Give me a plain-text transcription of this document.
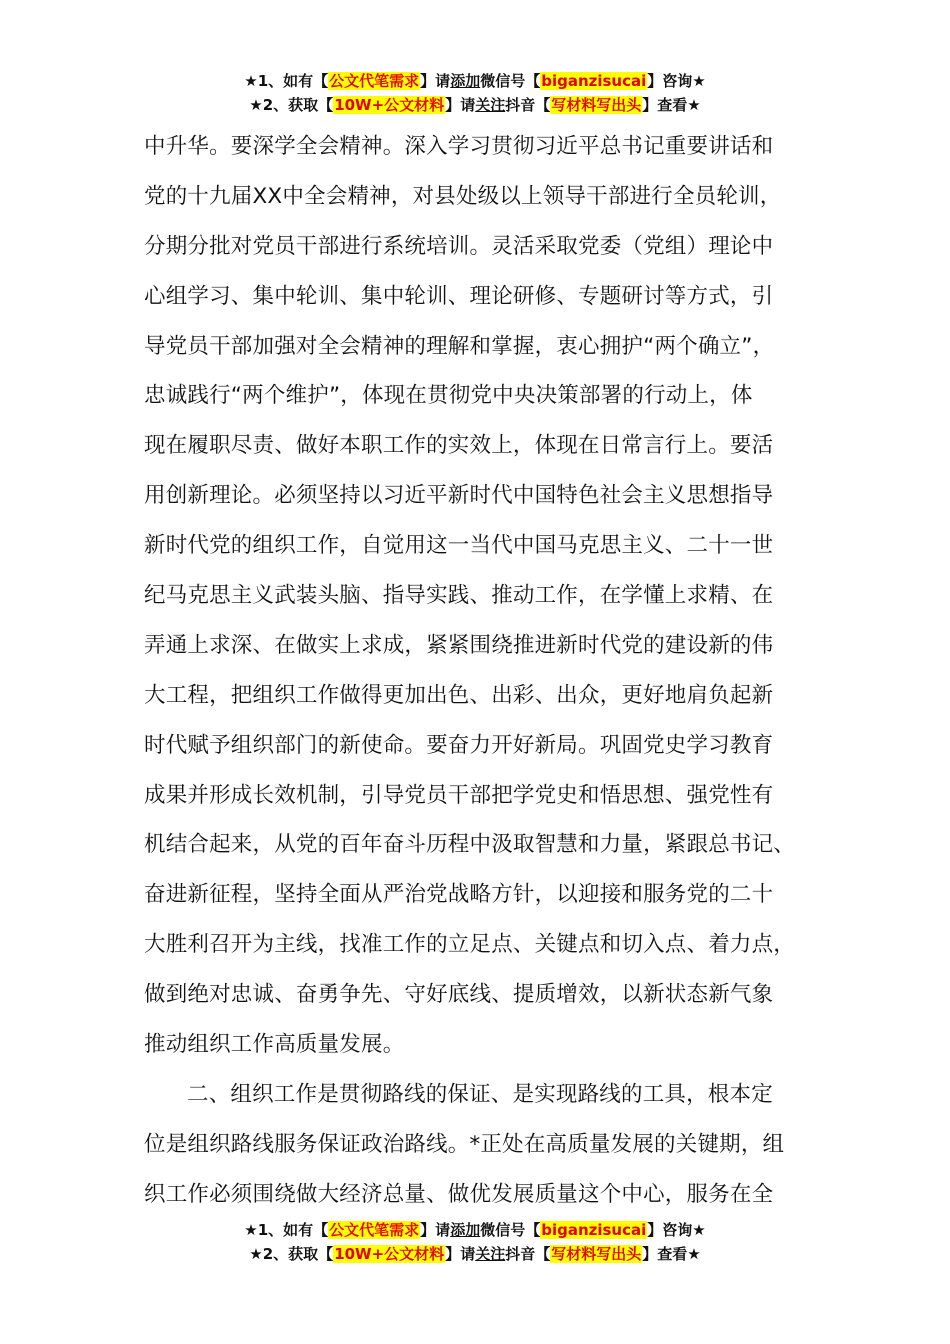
★1、如有【公文代笔需求】请添加微信号【biganzisucai】咨询★
★2、获取【10W+公文材料】请关注抖音【写材料写出头】查看★
中升华。要深学全会精神。深入学习贯彻习近平总书记重要讲话和
党的十九届XX中全会精神，对县处级以上领导干部进行全员轮训，
分期分批对党员干部进行系统培训。灵活采取党委（党组）理论中
心组学习、集中轮训、集中轮训、理论研修、专题研讨等方式，引
导党员干部加强对全会精神的理解和掌握，衷心拥护“两个确立”，
忠诚践行“两个维护”，体现在贯彻党中央决策部署的行动上，体
现在履职尽责、做好本职工作的实效上，体现在日常言行上。要活
用创新理论。必须坚持以习近平新时代中国特色社会主义思想指导
新时代党的组织工作，自觉用这一当代中国马克思主义、二十一世
纪马克思主义武装头脑、指导实践、推动工作，在学懂上求精、在
弄通上求深、在做实上求成，紧紧围绕推进新时代党的建设新的伟
大工程，把组织工作做得更加出色、出彩、出众，更好地肩负起新
时代赋予组织部门的新使命。要奋力开好新局。巩固党史学习教育
成果并形成长效机制，引导党员干部把学党史和悟思想、强党性有
机结合起来，从党的百年奋斗历程中汲取智慧和力量，紧跟总书记、
奋进新征程，坚持全面从严治党战略方针，以迎接和服务党的二十
大胜利召开为主线，找准工作的立足点、关键点和切入点、着力点，
做到绝对忠诚、奋勇争先、守好底线、提质增效，以新状态新气象
推动组织工作高质量发展。
二、组织工作是贯彻路线的保证、是实现路线的工具，根本定
位是组织路线服务保证政治路线。*正处在高质量发展的关键期，组
织工作必须围绕做大经济总量、做优发展质量这个中心，服务在全
★1、如有【公文代笔需求】请添加微信号【biganzisucai】咨询★
★2、获取【10W+公文材料】请关注抖音【写材料写出头】查看★
